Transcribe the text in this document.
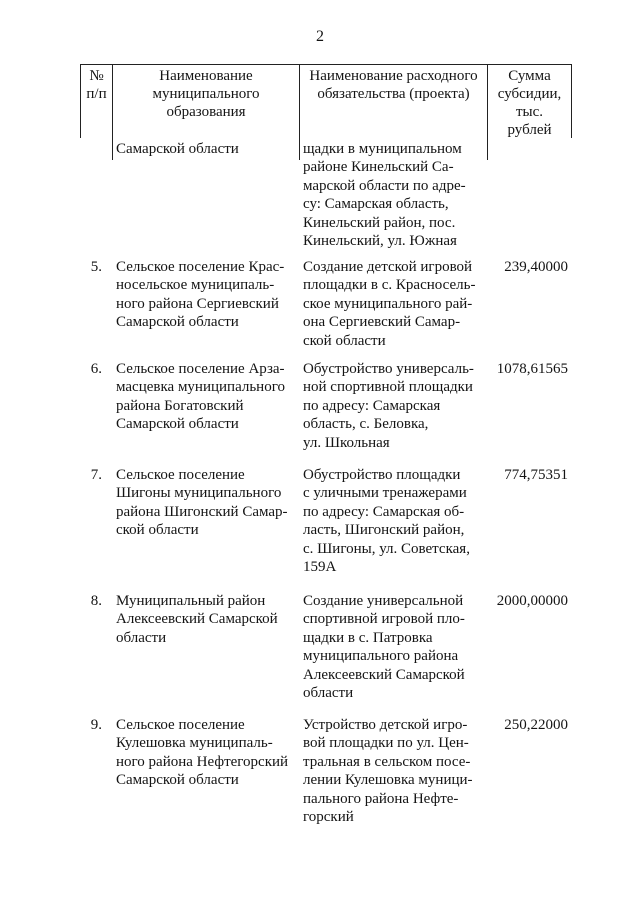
2
№
п/п
Наименование
муниципального
образования
Наименование расходного
обязательства (проекта)
Сумма
субсидии,
тыс.
рублей
Самарской области	щадки в муниципальном
районе Кинельский Са-
марской области по адре-
су: Самарская область,
Кинельский район, пос.
Кинельский, ул. Южная
5. Сельское поселение Крас-
носельское муниципаль-
ного района Сергиевский
Самарской области
Создание детской игровой
площадки в с. Красносель-
ское муниципального рай-
она Сергиевский Самар-
ской области
239,40000
6. Сельское поселение Арза-
масцевка муниципального
района Богатовский
Самарской области
Обустройство универсаль-
ной спортивной площадки
по адресу: Самарская
область, с. Беловка,
ул. Школьная
1078,61565
7. Сельское поселение
Шигоны муниципального
района Шигонский Самар-
ской области
Обустройство площадки
с уличными тренажерами
по адресу: Самарская об-
ласть, Шигонский район,
с. Шигоны, ул. Советская,
159А
774,75351
8. Муниципальный район
Алексеевский Самарской
области
Создание универсальной
спортивной игровой пло-
щадки в с. Патровка
муниципального района
Алексеевский Самарской
области
2000,00000
9. Сельское поселение
Кулешовка муниципаль-
ного района Нефтегорский
Самарской области
Устройство детской игро-
вой площадки по ул. Цен-
тральная в сельском посе-
лении Кулешовка муници-
пального района Нефте-
горский
250,22000
